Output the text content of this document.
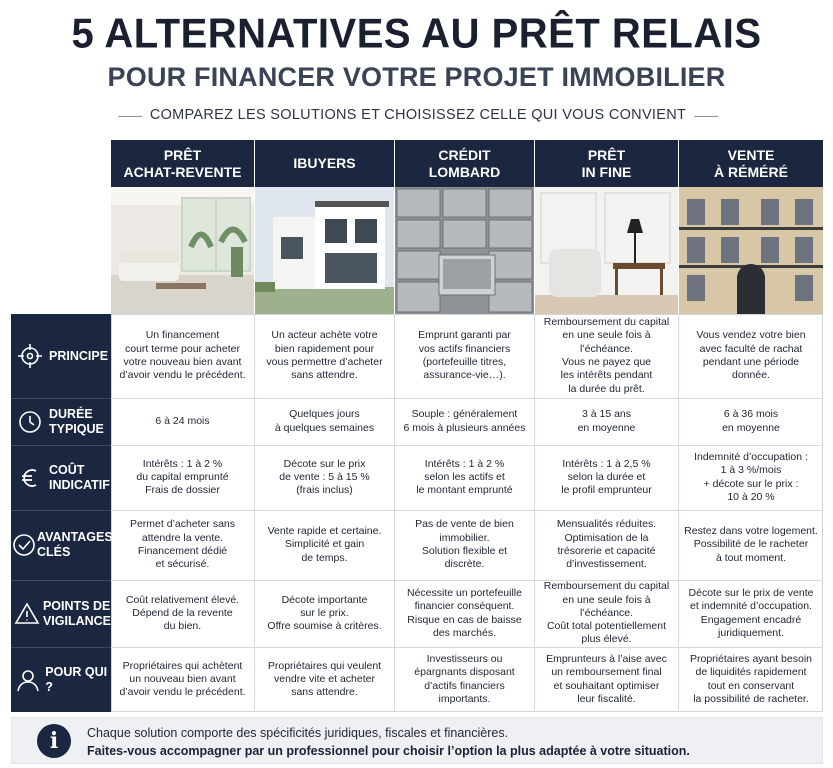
5 ALTERNATIVES AU PRÊT RELAIS
POUR FINANCER VOTRE PROJET IMMOBILIER
COMPAREZ LES SOLUTIONS ET CHOISISSEZ CELLE QUI VOUS CONVIENT
PRÊT
ACHAT-REVENTE
IBUYERS
CRÉDIT
LOMBARD
PRÊT
IN FINE
VENTE
À RÉMÉRÉ
PRINCIPE
DURÉE
TYPIQUE
COÛT
INDICATIF
AVANTAGES
CLÉS
POINTS DE
VIGILANCE
POUR QUI ?
Un financement
court terme pour acheter
votre nouveau bien avant
d’avoir vendu le précédent.
Un acteur achète votre
bien rapidement pour
vous permettre d’acheter
sans attendre.
Emprunt garanti par
vos actifs financiers
(portefeuille titres,
assurance-vie…).
Remboursement du capital
en une seule fois à l’échéance.
Vous ne payez que
les intérêts pendant
la durée du prêt.
Vous vendez votre bien
avec faculté de rachat
pendant une période
donnée.
6 à 24 mois
Quelques jours
à quelques semaines
Souple : généralement
6 mois à plusieurs années
3 à 15 ans
en moyenne
6 à 36 mois
en moyenne
Intérêts : 1 à 2 %
du capital emprunté
Frais de dossier
Décote sur le prix
de vente : 5 à 15 %
(frais inclus)
Intérêts : 1 à 2 %
selon les actifs et
le montant emprunté
Intérêts : 1 à 2,5 %
selon la durée et
le profil emprunteur
Indemnité d’occupation :
1 à 3 %/mois
+ décote sur le prix :
10 à 20 %
Permet d’acheter sans
attendre la vente.
Financement dédié
et sécurisé.
Vente rapide et certaine.
Simplicité et gain
de temps.
Pas de vente de bien
immobilier.
Solution flexible et
discrète.
Mensualités réduites.
Optimisation de la
trésorerie et capacité
d’investissement.
Restez dans votre logement.
Possibilité de le racheter
à tout moment.
Coût relativement élevé.
Dépend de la revente
du bien.
Décote importante
sur le prix.
Offre soumise à critères.
Nécessite un portefeuille
financier conséquent.
Risque en cas de baisse
des marchés.
Remboursement du capital
en une seule fois à l’échéance.
Coût total potentiellement
plus élevé.
Décote sur le prix de vente
et indemnité d’occupation.
Engagement encadré
juridiquement.
Propriétaires qui achètent
un nouveau bien avant
d’avoir vendu le précédent.
Propriétaires qui veulent
vendre vite et acheter
sans attendre.
Investisseurs ou
épargnants disposant
d’actifs financiers
importants.
Emprunteurs à l’aise avec
un remboursement final
et souhaitant optimiser
leur fiscalité.
Propriétaires ayant besoin
de liquidités rapidement
tout en conservant
la possibilité de racheter.
i	Chaque solution comporte des spécificités juridiques, fiscales et financières.
Faites-vous accompagner par un professionnel pour choisir l’option la plus adaptée à votre situation.
